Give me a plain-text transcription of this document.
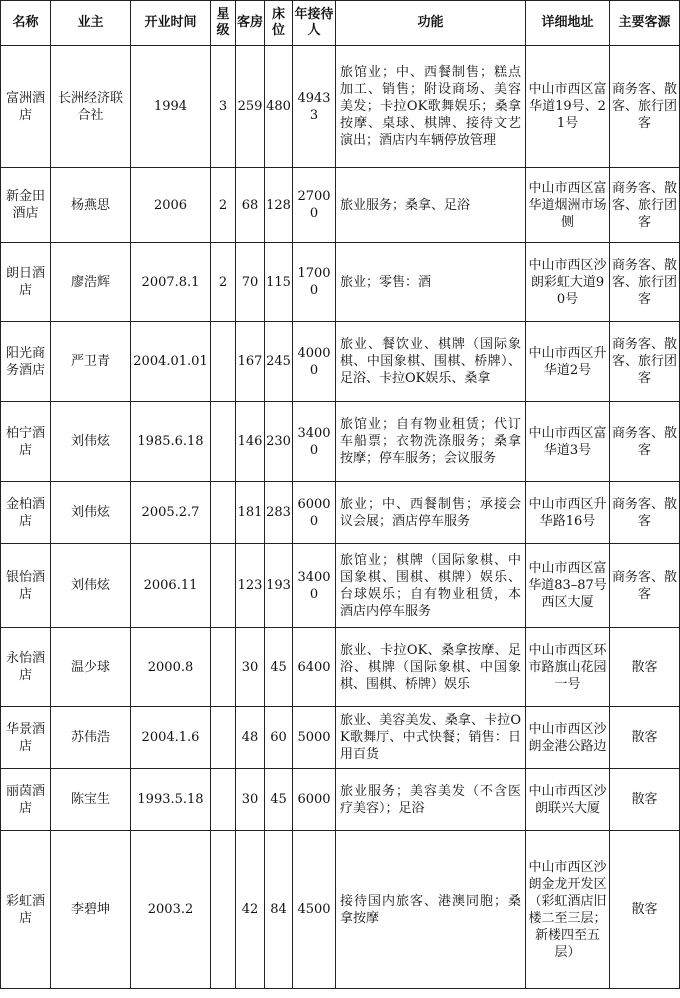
名称	业主	开业时间	星级	客房	床位	年接待人	功能	详细地址	主要客源
富洲酒店	长洲经济联合社	1994	3	259	480	49433	旅馆业；中、西餐制售；糕点加工、销售；附设商场、美容美发；卡拉OK歌舞娱乐；桑拿按摩、桌球、棋牌、接待文艺演出；酒店内车辆停放管理	中山市西区富华道19号、21号	商务客、散客、旅行团客
新金田酒店	杨燕思	2006	2	68	128	27000	旅业服务；桑拿、足浴	中山市西区富华道烟洲市场侧	商务客、散客、旅行团客
朗日酒店	廖浩辉	2007.8.1	2	70	115	17000	旅业；零售：酒	中山市西区沙朗彩虹大道90号	商务客、散客、旅行团客
阳光商务酒店	严卫青	2004.01.01		167	245	40000	旅业、餐饮业、棋牌（国际象棋、中国象棋、围棋、桥牌）、足浴、卡拉OK娱乐、桑拿	中山市西区升华道2号	商务客、散客、旅行团客
柏宁酒店	刘伟炫	1985.6.18		146	230	34000	旅馆业；自有物业租赁；代订车船票；衣物洗涤服务；桑拿按摩；停车服务；会议服务	中山市西区富华道3号	商务客、散客
金柏酒店	刘伟炫	2005.2.7		181	283	60000	旅业；中、西餐制售；承接会议会展；酒店停车服务	中山市西区升华路16号	商务客、散客
银怡酒店	刘伟炫	2006.11		123	193	34000	旅馆业；棋牌（国际象棋、中国象棋、围棋、棋牌）娱乐、台球娱乐；自有物业租赁，本酒店内停车服务	中山市西区富华道83–87号西区大厦	商务客、散客
永怡酒店	温少球	2000.8		30	45	6400	旅业、卡拉OK、桑拿按摩、足浴、棋牌（国际象棋、中国象棋、围棋、桥牌）娱乐	中山市西区环市路旗山花园一号	散客
华景酒店	苏伟浩	2004.1.6		48	60	5000	旅业、美容美发、桑拿、卡拉OK歌舞厅、中式快餐；销售：日用百货	中山市西区沙朗金港公路边	散客
丽茵酒店	陈宝生	1993.5.18		30	45	6000	旅业服务；美容美发（不含医疗美容）；足浴	中山市西区沙朗联兴大厦	散客
彩虹酒店	李碧坤	2003.2		42	84	4500	接待国内旅客、港澳同胞；桑拿按摩	中山市西区沙朗金龙开发区（彩虹酒店旧楼二至三层；新楼四至五层）	散客
